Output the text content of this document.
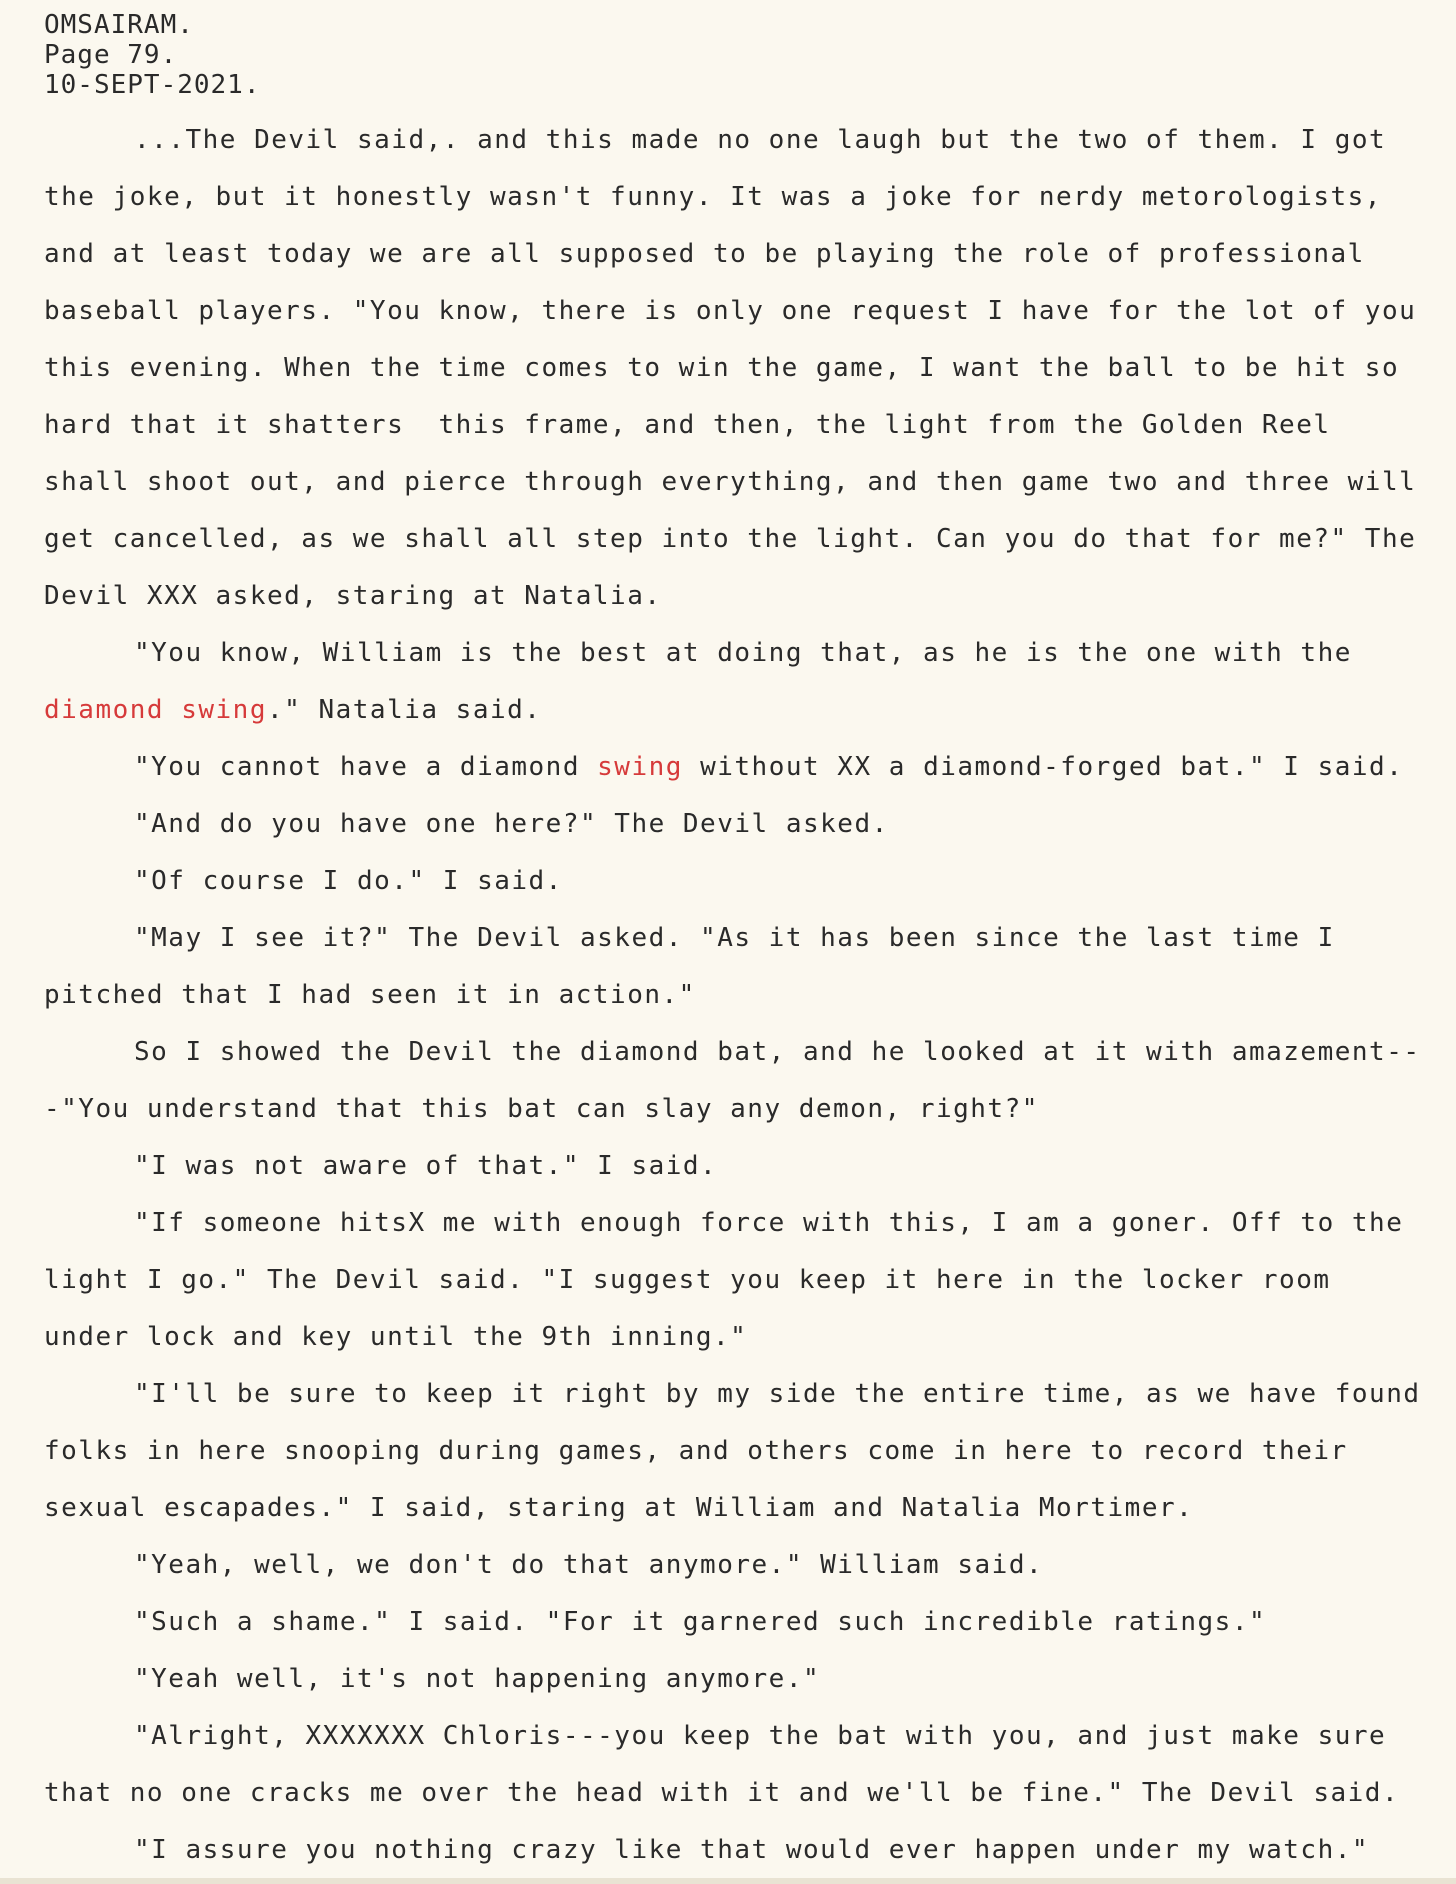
OMSAIRAM.
Page 79.
10-SEPT-2021.

...The Devil said,. and this made no one laugh but the two of them. I got the joke, but it honestly wasn't funny. It was a joke for nerdy metorologists, and at least today we are all supposed to be playing the role of professional baseball players. "You know, there is only one request I have for the lot of you this evening. When the time comes to win the game, I want the ball to be hit so hard that it shatters  this frame, and then, the light from the Golden Reel shall shoot out, and pierce through everything, and then game two and three will get cancelled, as we shall all step into the light. Can you do that for me?" The Devil XXX asked, staring at Natalia.

"You know, William is the best at doing that, as he is the one with the diamond swing." Natalia said.

"You cannot have a diamond swing without XX a diamond-forged bat." I said.

"And do you have one here?" The Devil asked.

"Of course I do." I said.

"May I see it?" The Devil asked. "As it has been since the last time I pitched that I had seen it in action."

So I showed the Devil the diamond bat, and he looked at it with amazement---"You understand that this bat can slay any demon, right?"

"I was not aware of that." I said.

"If someone hitsX me with enough force with this, I am a goner. Off to the light I go." The Devil said. "I suggest you keep it here in the locker room under lock and key until the 9th inning."

"I'll be sure to keep it right by my side the entire time, as we have found folks in here snooping during games, and others come in here to record their sexual escapades." I said, staring at William and Natalia Mortimer.

"Yeah, well, we don't do that anymore." William said.

"Such a shame." I said. "For it garnered such incredible ratings."

"Yeah well, it's not happening anymore."

"Alright, XXXXXXX Chloris---you keep the bat with you, and just make sure that no one cracks me over the head with it and we'll be fine." The Devil said.

"I assure you nothing crazy like that would ever happen under my watch."
